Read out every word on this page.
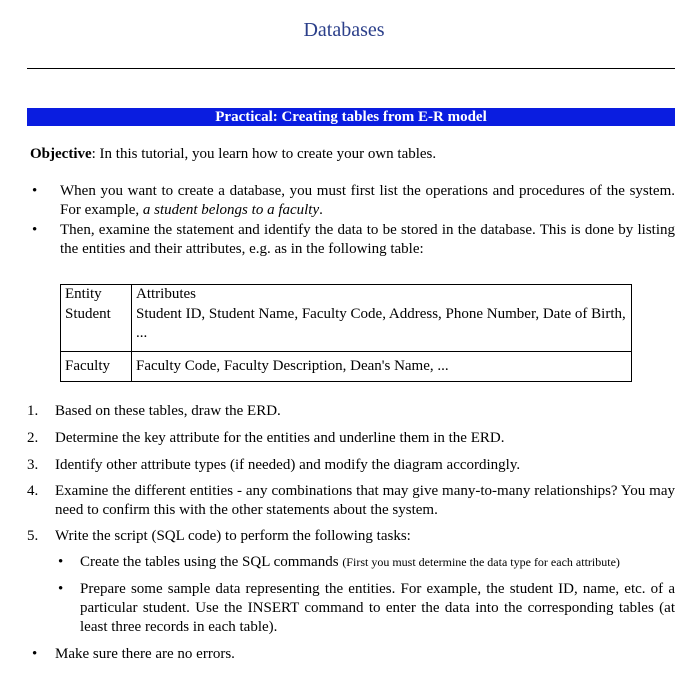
Databases
Practical: Creating tables from E-R model
Objective: In this tutorial, you learn how to create your own tables.
•	When you want to create a database, you must first list the operations and procedures of the system. For example, a student belongs to a faculty.
•	Then, examine the statement and identify the data to be stored in the database. This is done by listing the entities and their attributes, e.g. as in the following table:
Entity	Attributes
Student	Student ID, Student Name, Faculty Code, Address, Phone Number, Date of Birth, ...
Faculty	Faculty Code, Faculty Description, Dean's Name, ...
1.	Based on these tables, draw the ERD.
2.	Determine the key attribute for the entities and underline them in the ERD.
3.	Identify other attribute types (if needed) and modify the diagram accordingly.
4.	Examine the different entities - any combinations that may give many-to-many relationships? You may need to confirm this with the other statements about the system.
5.	Write the script (SQL code) to perform the following tasks:
•	Create the tables using the SQL commands (First you must determine the data type for each attribute)
•	Prepare some sample data representing the entities. For example, the student ID, name, etc. of a particular student. Use the INSERT command to enter the data into the corresponding tables (at least three records in each table).
•	Make sure there are no errors.
